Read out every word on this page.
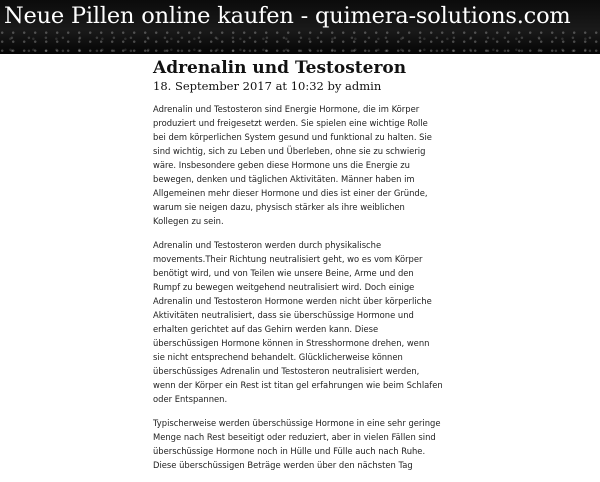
Neue Pillen online kaufen - quimera-solutions.com
Adrenalin und Testosteron
18. September 2017 at 10:32 by admin

Adrenalin und Testosteron sind Energie Hormone, die im Körper produziert und freigesetzt werden. Sie spielen eine wichtige Rolle bei dem körperlichen System gesund und funktional zu halten. Sie sind wichtig, sich zu Leben und Überleben, ohne sie zu schwierig wäre. Insbesondere geben diese Hormone uns die Energie zu bewegen, denken und täglichen Aktivitäten. Männer haben im Allgemeinen mehr dieser Hormone und dies ist einer der Gründe, warum sie neigen dazu, physisch stärker als ihre weiblichen Kollegen zu sein.

Adrenalin und Testosteron werden durch physikalische movements.Their Richtung neutralisiert geht, wo es vom Körper benötigt wird, und von Teilen wie unsere Beine, Arme und den Rumpf zu bewegen weitgehend neutralisiert wird. Doch einige Adrenalin und Testosteron Hormone werden nicht über körperliche Aktivitäten neutralisiert, dass sie überschüssige Hormone und erhalten gerichtet auf das Gehirn werden kann. Diese überschüssigen Hormone können in Stresshormone drehen, wenn sie nicht entsprechend behandelt. Glücklicherweise können überschüssiges Adrenalin und Testosteron neutralisiert werden, wenn der Körper ein Rest ist titan gel erfahrungen wie beim Schlafen oder Entspannen.

Typischerweise werden überschüssige Hormone in eine sehr geringe Menge nach Rest beseitigt oder reduziert, aber in vielen Fällen sind überschüssige Hormone noch in Hülle und Fülle auch nach Ruhe. Diese überschüssigen Beträge werden über den nächsten Tag
